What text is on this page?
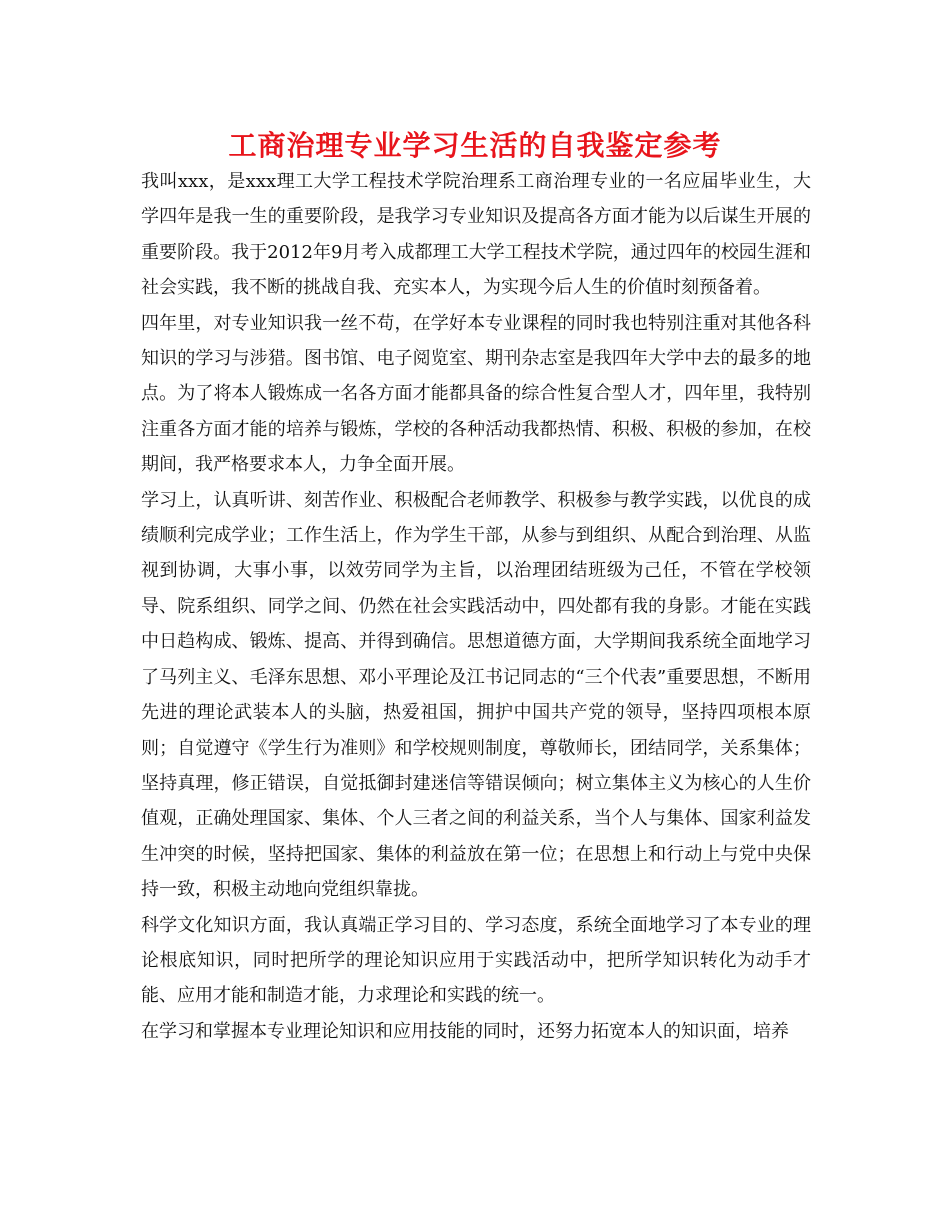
工商治理专业学习生活的自我鉴定参考

我叫xxx，是xxx理工大学工程技术学院治理系工商治理专业的一名应届毕业生，大学四年是我一生的重要阶段，是我学习专业知识及提高各方面才能为以后谋生开展的重要阶段。我于2012年9月考入成都理工大学工程技术学院，通过四年的校园生涯和社会实践，我不断的挑战自我、充实本人，为实现今后人生的价值时刻预备着。

四年里，对专业知识我一丝不苟，在学好本专业课程的同时我也特别注重对其他各科知识的学习与涉猎。图书馆、电子阅览室、期刊杂志室是我四年大学中去的最多的地点。为了将本人锻炼成一名各方面才能都具备的综合性复合型人才，四年里，我特别注重各方面才能的培养与锻炼，学校的各种活动我都热情、积极、积极的参加，在校期间，我严格要求本人，力争全面开展。

学习上，认真听讲、刻苦作业、积极配合老师教学、积极参与教学实践，以优良的成绩顺利完成学业；工作生活上，作为学生干部，从参与到组织、从配合到治理、从监视到协调，大事小事，以效劳同学为主旨，以治理团结班级为己任，不管在学校领导、院系组织、同学之间、仍然在社会实践活动中，四处都有我的身影。才能在实践中日趋构成、锻炼、提高、并得到确信。思想道德方面，大学期间我系统全面地学习了马列主义、毛泽东思想、邓小平理论及江书记同志的“三个代表”重要思想，不断用先进的理论武装本人的头脑，热爱祖国，拥护中国共产党的领导，坚持四项根本原则；自觉遵守《学生行为准则》和学校规则制度，尊敬师长，团结同学，关系集体；坚持真理，修正错误，自觉抵御封建迷信等错误倾向；树立集体主义为核心的人生价值观，正确处理国家、集体、个人三者之间的利益关系，当个人与集体、国家利益发生冲突的时候，坚持把国家、集体的利益放在第一位；在思想上和行动上与党中央保持一致，积极主动地向党组织靠拢。

科学文化知识方面，我认真端正学习目的、学习态度，系统全面地学习了本专业的理论根底知识，同时把所学的理论知识应用于实践活动中，把所学知识转化为动手才能、应用才能和制造才能，力求理论和实践的统一。

在学习和掌握本专业理论知识和应用技能的同时，还努力拓宽本人的知识面，培养
